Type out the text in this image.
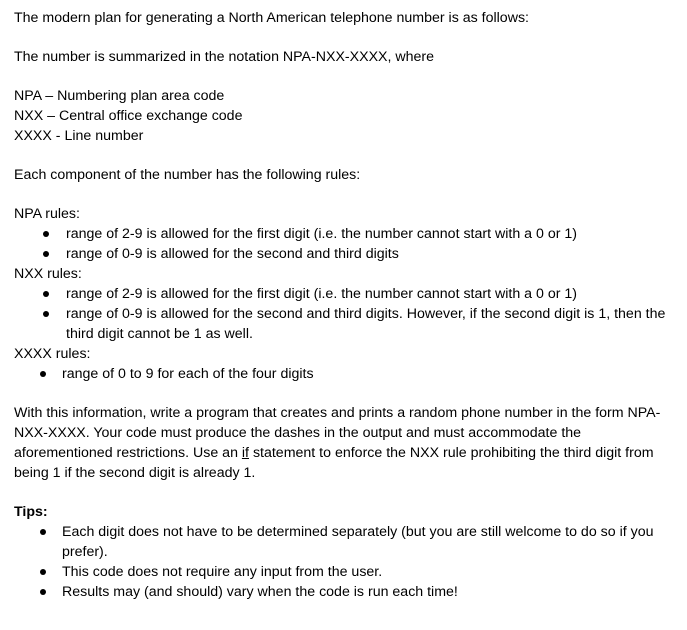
The modern plan for generating a North American telephone number is as follows:

The number is summarized in the notation NPA-NXX-XXXX, where

NPA – Numbering plan area code

NXX – Central office exchange code

XXXX - Line number

Each component of the number has the following rules:

NPA rules:

range of 2-9 is allowed for the first digit (i.e. the number cannot start with a 0 or 1)
range of 0-9 is allowed for the second and third digits

NXX rules:

range of 2-9 is allowed for the first digit (i.e. the number cannot start with a 0 or 1)
range of 0-9 is allowed for the second and third digits. However, if the second digit is 1, then the third digit cannot be 1 as well.

XXXX rules:

range of 0 to 9 for each of the four digits

With this information, write a program that creates and prints a random phone number in the form NPA-NXX-XXXX. Your code must produce the dashes in the output and must accommodate the aforementioned restrictions. Use an if statement to enforce the NXX rule prohibiting the third digit from being 1 if the second digit is already 1.

Tips:

Each digit does not have to be determined separately (but you are still welcome to do so if you prefer).
This code does not require any input from the user.
Results may (and should) vary when the code is run each time!
